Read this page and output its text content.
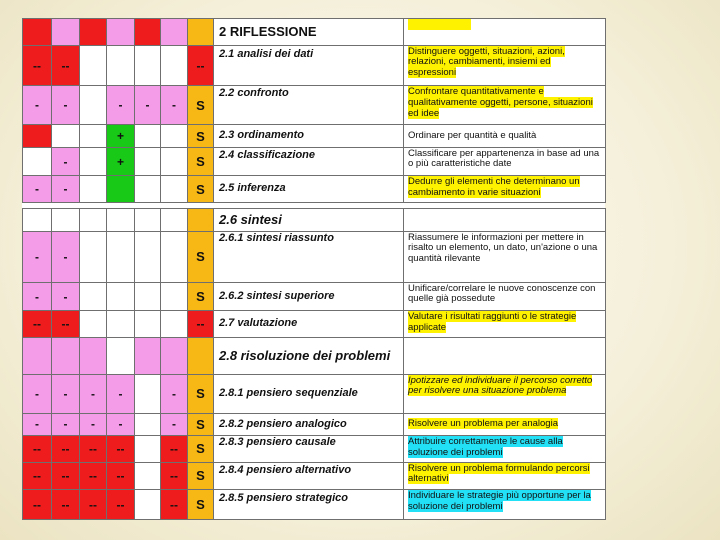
							2 RIFLESSIONE	
--	--					--	2.1 analisi dei dati	Distinguere oggetti, situazioni, azioni, relazioni, cambiamenti, insiemi ed espressioni
-	-		-	-	-	S	2.2 confronto	Confrontare quantitativamente e qualitativamente oggetti, persone, situazioni ed idee
			+			S	2.3 ordinamento	Ordinare per quantità e qualità
	-		+			S	2.4 classificazione	Classificare per appartenenza in base ad una o più caratteristiche date
-	-					S	2.5 inferenza	Dedurre gli elementi che determinano un cambiamento in varie situazioni

							2.6 sintesi	
-	-					S	2.6.1 sintesi riassunto	Riassumere le informazioni per mettere in risalto un elemento, un dato, un'azione o una quantità rilevante
-	-					S	2.6.2 sintesi superiore	Unificare/correlare le nuove conoscenze con quelle già possedute
--	--					--	2.7 valutazione	Valutare i risultati raggiunti o le strategie applicate
							2.8 risoluzione dei problemi	
-	-	-	-		-	S	2.8.1 pensiero sequenziale	Ipotizzare ed individuare il percorso corretto per risolvere una situazione problema
-	-	-	-		-	S	2.8.2 pensiero analogico	Risolvere un problema per analogia
--	--	--	--		--	S	2.8.3 pensiero causale	Attribuire correttamente le cause alla soluzione dei problemi
--	--	--	--		--	S	2.8.4 pensiero alternativo	Risolvere un problema formulando percorsi alternativi
--	--	--	--		--	S	2.8.5 pensiero strategico	Individuare le strategie più opportune per la soluzione dei problemi
